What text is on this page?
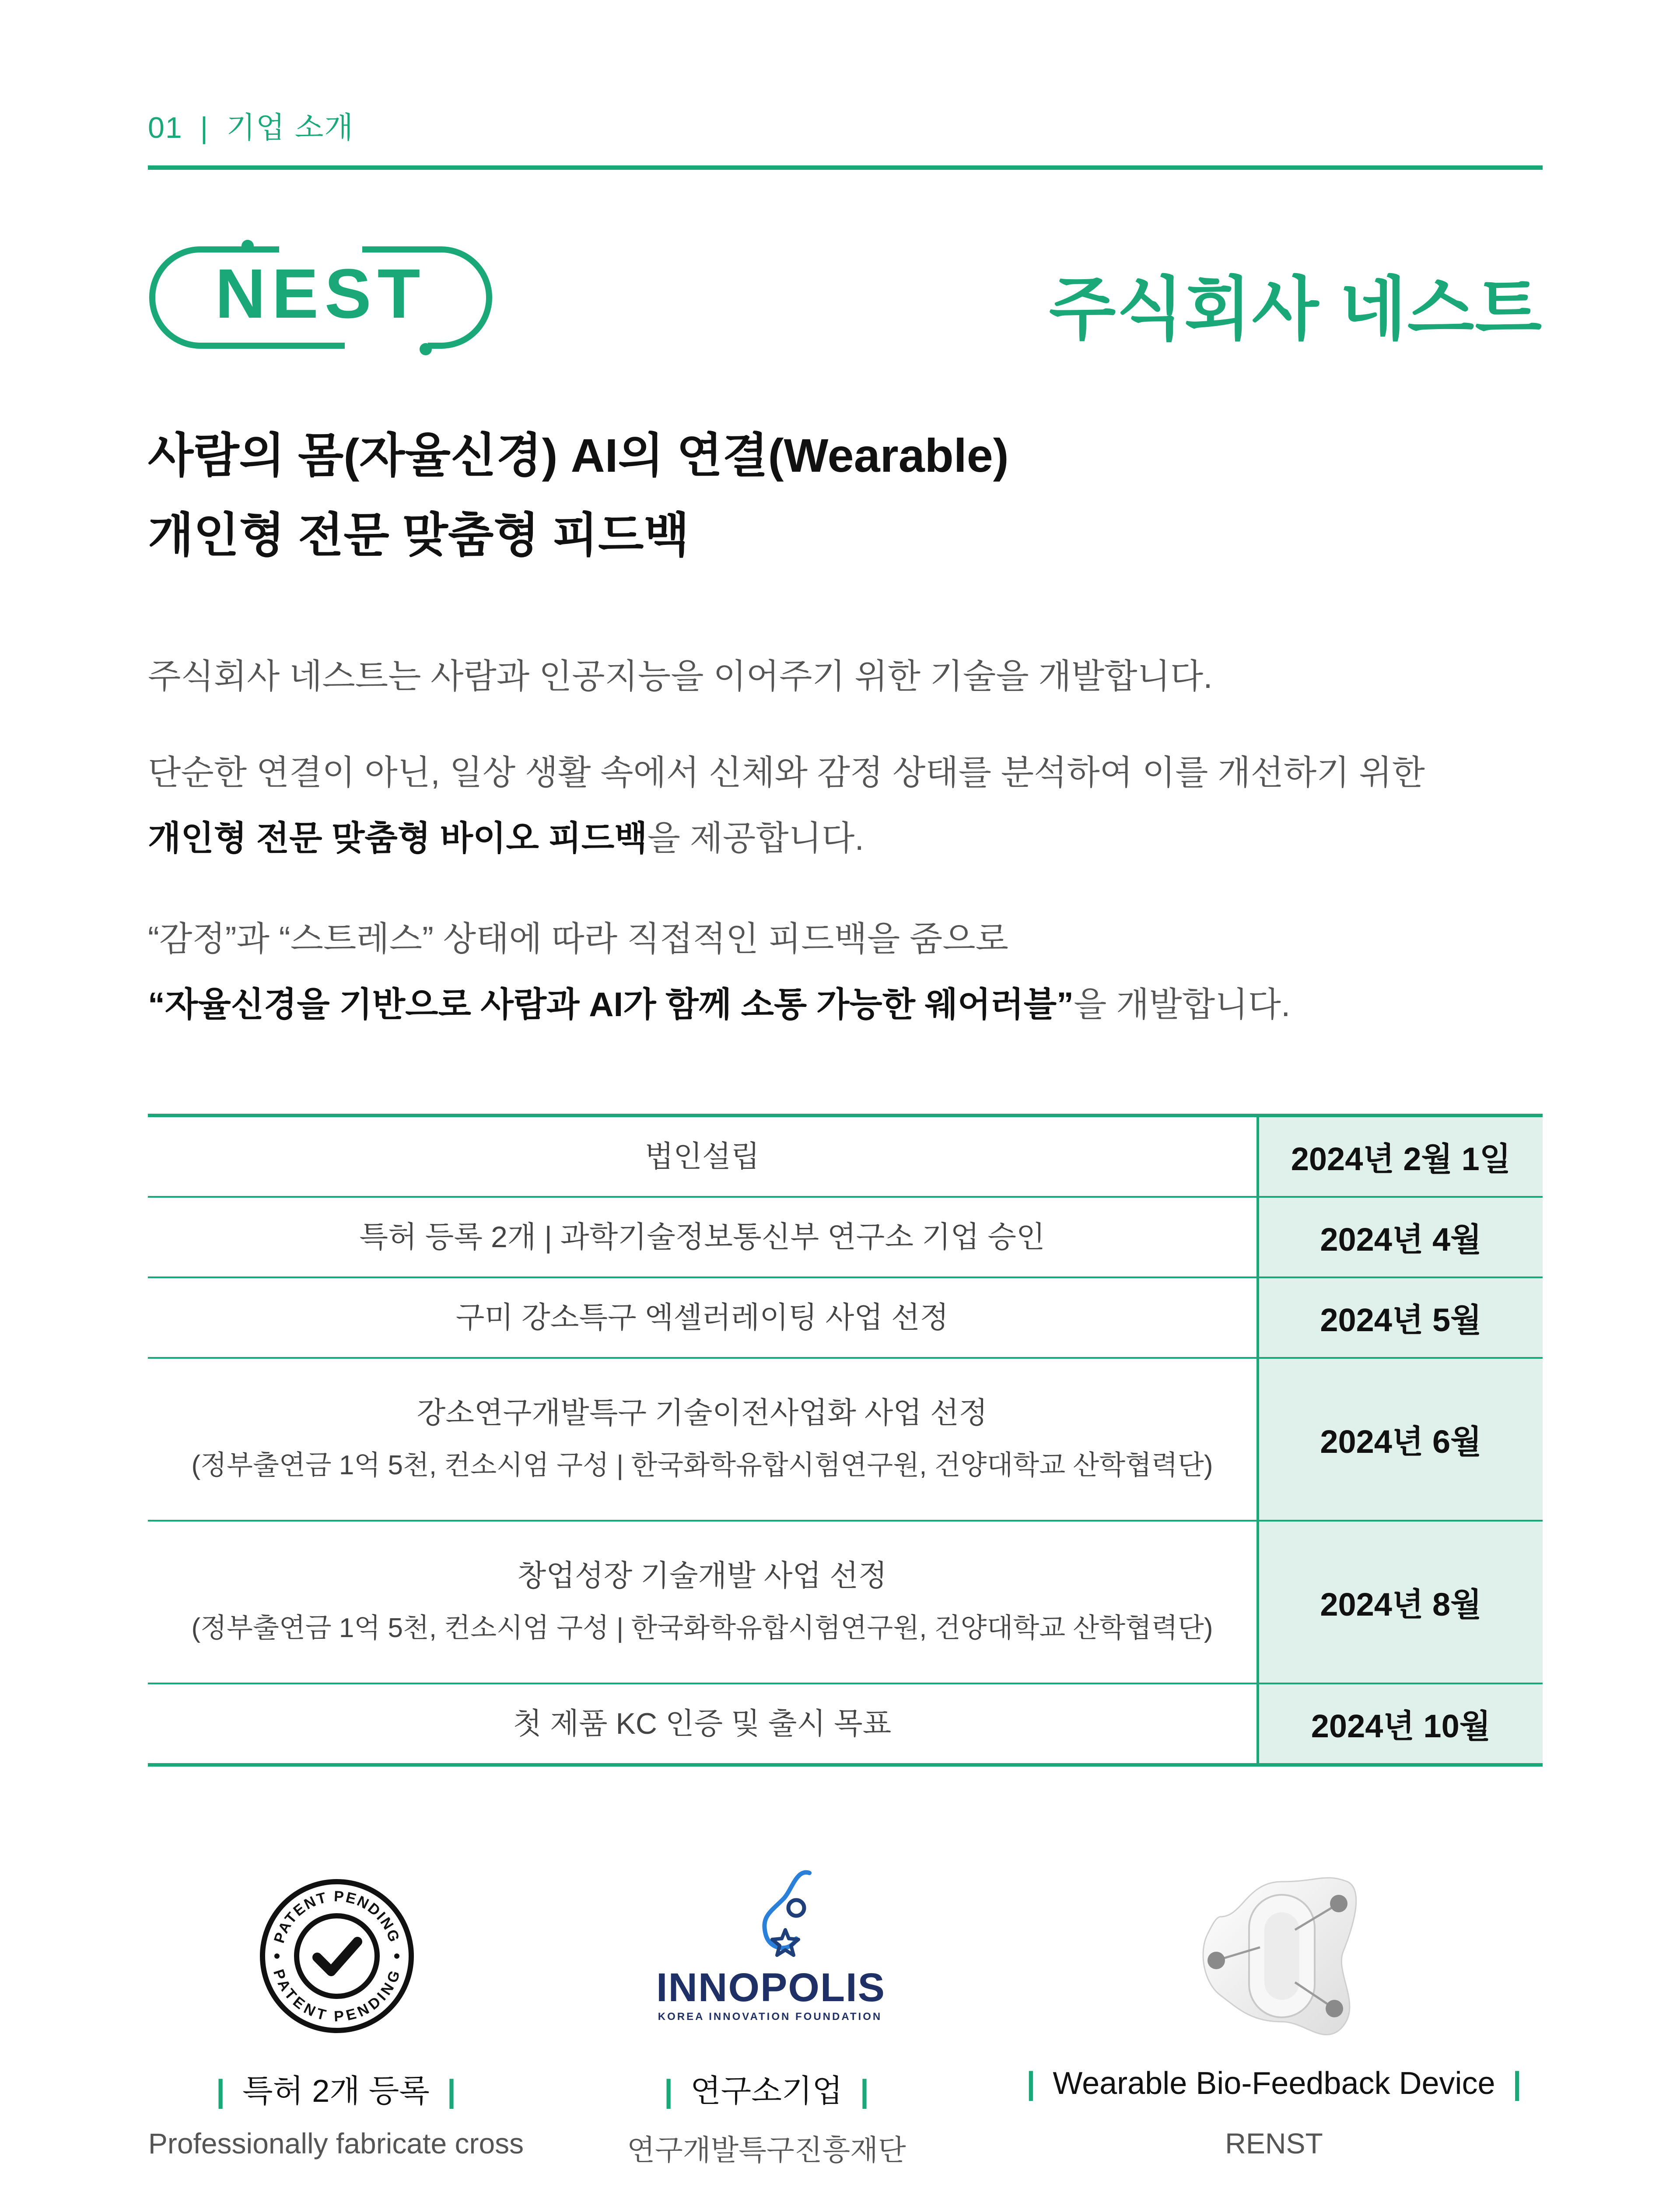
01 | 기업 소개
NEST	주식회사 네스트
사람의 몸(자율신경) AI의 연결(Wearable)
개인형 전문 맞춤형 피드백
주식회사 네스트는 사람과 인공지능을 이어주기 위한 기술을 개발합니다.
단순한 연결이 아닌, 일상 생활 속에서 신체와 감정 상태를 분석하여 이를 개선하기 위한
개인형 전문 맞춤형 바이오 피드백을 제공합니다.
“감정”과 “스트레스” 상태에 따라 직접적인 피드백을 줌으로
“자율신경을 기반으로 사람과 AI가 함께 소통 가능한 웨어러블”을 개발합니다.
법인설립	2024년 2월 1일
특허 등록 2개 | 과학기술정보통신부 연구소 기업 승인	2024년 4월
구미 강소특구 엑셀러레이팅 사업 선정	2024년 5월
강소연구개발특구 기술이전사업화 사업 선정
(정부출연금 1억 5천, 컨소시엄 구성 | 한국화학유합시험연구원, 건양대학교 산학협력단)
2024년 6월
창업성장 기술개발 사업 선정
(정부출연금 1억 5천, 컨소시엄 구성 | 한국화학유합시험연구원, 건양대학교 산학협력단)
2024년 8월
첫 제품 KC 인증 및 출시 목표	2024년 10월
PATENT PENDING
PATENT PENDING	INNOPOLIS
KOREA INNOVATION FOUNDATION
| 특허 2개 등록 |	| 연구소기업 |	| Wearable Bio-Feedback Device |
Professionally fabricate cross	연구개발특구진흥재단	RENST
